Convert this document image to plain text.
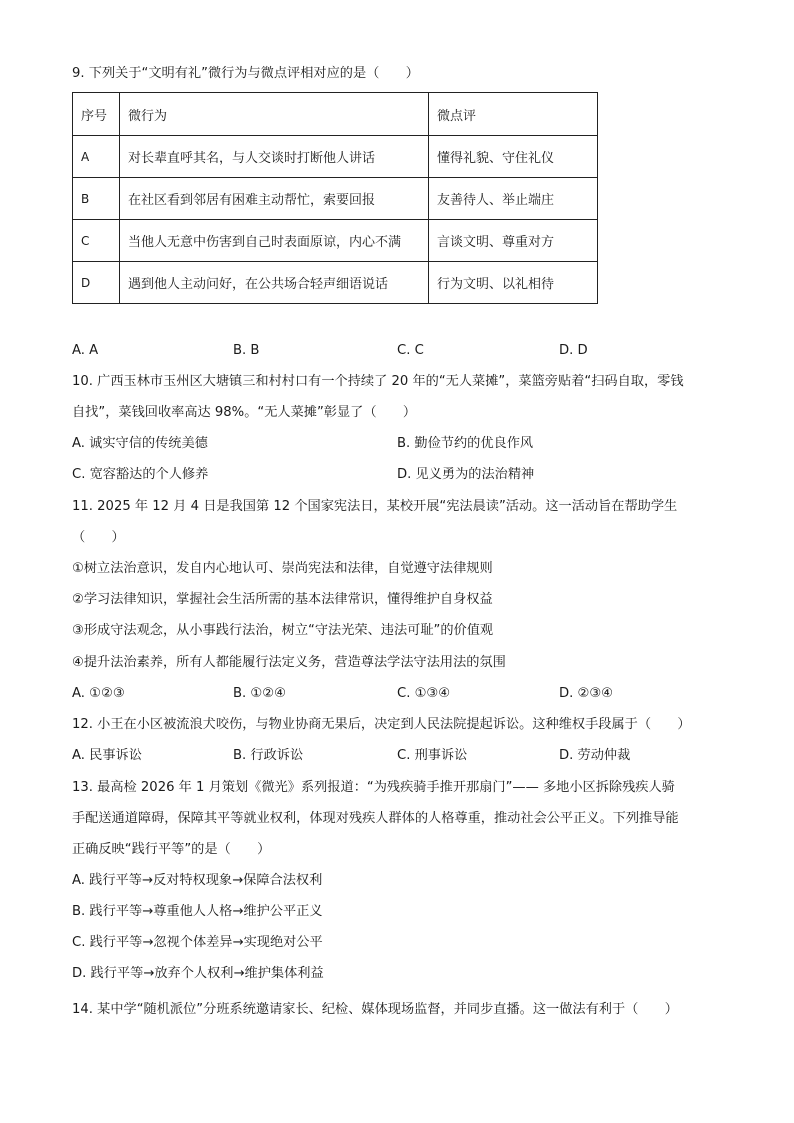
9. 下列关于“文明有礼”微行为与微点评相对应的是（　　）
序号	微行为	微点评
A	对长辈直呼其名，与人交谈时打断他人讲话	懂得礼貌、守住礼仪
B	在社区看到邻居有困难主动帮忙，索要回报	友善待人、举止端庄
C	当他人无意中伤害到自己时表面原谅，内心不满	言谈文明、尊重对方
D	遇到他人主动问好，在公共场合轻声细语说话	行为文明、以礼相待
A. A	B. B	C. C	D. D
10. 广西玉林市玉州区大塘镇三和村村口有一个持续了 20 年的“无人菜摊”，菜篮旁贴着“扫码自取，零钱
自找”，菜钱回收率高达 98%。“无人菜摊”彰显了（　　）
A. 诚实守信的传统美德	B. 勤俭节约的优良作风
C. 宽容豁达的个人修养	D. 见义勇为的法治精神
11. 2025 年 12 月 4 日是我国第 12 个国家宪法日，某校开展“宪法晨读”活动。这一活动旨在帮助学生
（　　）
①树立法治意识，发自内心地认可、崇尚宪法和法律，自觉遵守法律规则
②学习法律知识，掌握社会生活所需的基本法律常识，懂得维护自身权益
③形成守法观念，从小事践行法治，树立“守法光荣、违法可耻”的价值观
④提升法治素养，所有人都能履行法定义务，营造尊法学法守法用法的氛围
A. ①②③	B. ①②④	C. ①③④	D. ②③④
12. 小王在小区被流浪犬咬伤，与物业协商无果后，决定到人民法院提起诉讼。这种维权手段属于（　　）
A. 民事诉讼	B. 行政诉讼	C. 刑事诉讼	D. 劳动仲裁
13. 最高检 2026 年 1 月策划《微光》系列报道：“为残疾骑手推开那扇门”—— 多地小区拆除残疾人骑
手配送通道障碍，保障其平等就业权利，体现对残疾人群体的人格尊重，推动社会公平正义。下列推导能
正确反映“践行平等”的是（　　）
A. 践行平等→反对特权现象→保障合法权利
B. 践行平等→尊重他人人格→维护公平正义
C. 践行平等→忽视个体差异→实现绝对公平
D. 践行平等→放弃个人权利→维护集体利益
14. 某中学“随机派位”分班系统邀请家长、纪检、媒体现场监督，并同步直播。这一做法有利于（　　）
